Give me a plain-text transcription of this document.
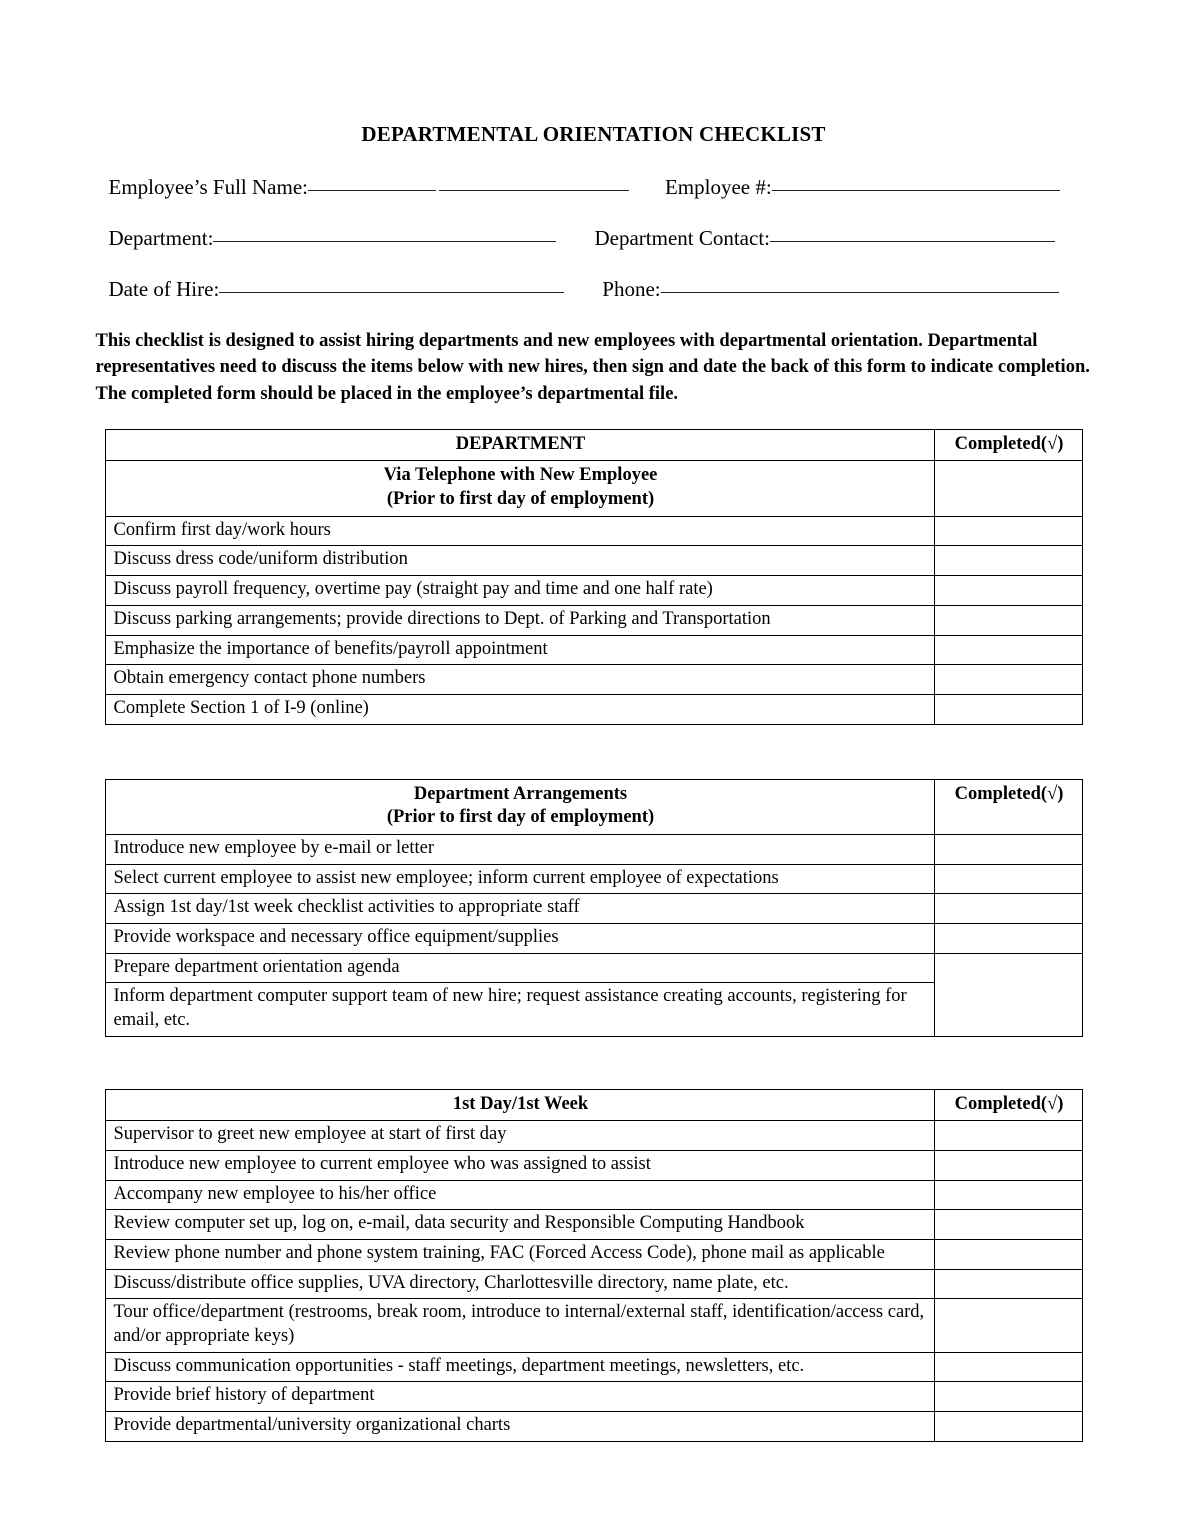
DEPARTMENTAL ORIENTATION CHECKLIST
Employee’s Full Name:	Employee #:
Department:	Department Contact:
Date of Hire:	Phone:

This checklist is designed to assist hiring departments and new employees with departmental orientation. Departmental representatives need to discuss the items below with new hires, then sign and date the back of this form to indicate completion. The completed form should be placed in the employee’s departmental file.

DEPARTMENT	Completed(√)

Via Telephone with New Employee
(Prior to first day of employment)	

Confirm first day/work hours	
Discuss dress code/uniform distribution	
Discuss payroll frequency, overtime pay (straight pay and time and one half rate)	
Discuss parking arrangements; provide directions to Dept. of Parking and Transportation	
Emphasize the importance of benefits/payroll appointment	
Obtain emergency contact phone numbers	
Complete Section 1 of I-9 (online)	
Department Arrangements
(Prior to first day of employment)	Completed(√)
Introduce new employee by e-mail or letter	
Select current employee to assist new employee; inform current employee of expectations	
Assign 1st day/1st week checklist activities to appropriate staff	
Provide workspace and necessary office equipment/supplies	
Prepare department orientation agenda	
Inform department computer support team of new hire; request assistance creating accounts, registering for email, etc.	
1st Day/1st Week	Completed(√)
Supervisor to greet new employee at start of first day	
Introduce new employee to current employee who was assigned to assist	
Accompany new employee to his/her office	
Review computer set up, log on, e-mail, data security and Responsible Computing Handbook	
Review phone number and phone system training, FAC (Forced Access Code), phone mail as applicable	
Discuss/distribute office supplies, UVA directory, Charlottesville directory, name plate, etc.	
Tour office/department (restrooms, break room, introduce to internal/external staff, identification/access card, and/or appropriate keys)	
Discuss communication opportunities - staff meetings, department meetings, newsletters, etc.	
Provide brief history of department	
Provide departmental/university organizational charts	
